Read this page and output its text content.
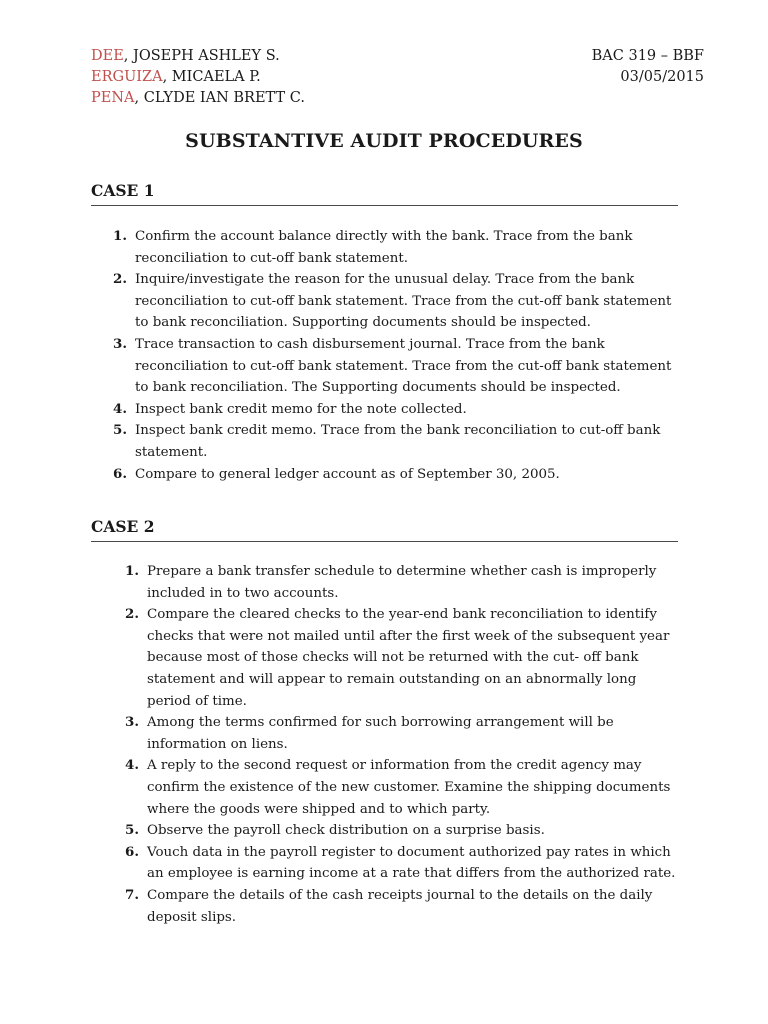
DEE, JOSEPH ASHLEY S.
ERGUIZA, MICAELA P.
PENA, CLYDE IAN BRETT C.
BAC 319 – BBF
03/05/2015
SUBSTANTIVE AUDIT PROCEDURES
CASE 1
1. Confirm the account balance directly with the bank. Trace from the bank reconciliation to cut-off bank statement.
2. Inquire/investigate the reason for the unusual delay. Trace from the bank reconciliation to cut-off bank statement. Trace from the cut-off bank statement to bank reconciliation. Supporting documents should be inspected.
3. Trace transaction to cash disbursement journal. Trace from the bank reconciliation to cut-off bank statement. Trace from the cut-off bank statement to bank reconciliation. The Supporting documents should be inspected.
4. Inspect bank credit memo for the note collected.
5. Inspect bank credit memo. Trace from the bank reconciliation to cut-off bank statement.
6. Compare to general ledger account as of September 30, 2005.
CASE 2
1. Prepare a bank transfer schedule to determine whether cash is improperly included in to two accounts.
2. Compare the cleared checks to the year-end bank reconciliation to identify checks that were not mailed until after the first week of the subsequent year because most of those checks will not be returned with the cut- off bank statement and will appear to remain outstanding on an abnormally long period of time.
3. Among the terms confirmed for such borrowing arrangement will be information on liens.
4. A reply to the second request or information from the credit agency may confirm the existence of the new customer. Examine the shipping documents where the goods were shipped and to which party.
5. Observe the payroll check distribution on a surprise basis.
6. Vouch data in the payroll register to document authorized pay rates in which an employee is earning income at a rate that differs from the authorized rate.
7. Compare the details of the cash receipts journal to the details on the daily deposit slips.
